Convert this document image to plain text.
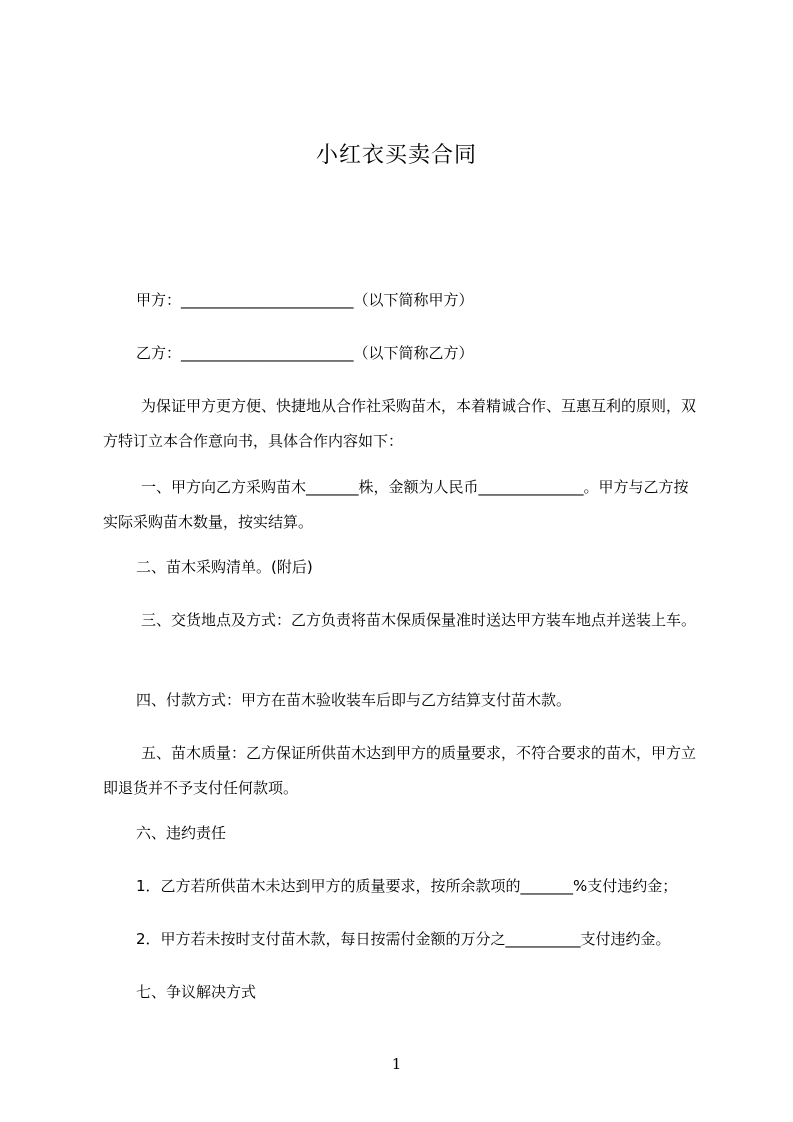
小红衣买卖合同
甲方：_______________________（以下简称甲方）
乙方：_______________________（以下简称乙方）
为保证甲方更方便、快捷地从合作社采购苗木，本着精诚合作、互惠互利的原则，双方特订立本合作意向书，具体合作内容如下：
一、甲方向乙方采购苗木_______株，金额为人民币______________。甲方与乙方按实际采购苗木数量，按实结算。
二、苗木采购清单。(附后)
三、交货地点及方式：乙方负责将苗木保质保量准时送达甲方装车地点并送装上车。
四、付款方式：甲方在苗木验收装车后即与乙方结算支付苗木款。
五、苗木质量：乙方保证所供苗木达到甲方的质量要求，不符合要求的苗木，甲方立即退货并不予支付任何款项。
六、违约责任
1．乙方若所供苗木未达到甲方的质量要求，按所余款项的_______%支付违约金；
2．甲方若未按时支付苗木款，每日按需付金额的万分之__________支付违约金。
七、争议解决方式
1
